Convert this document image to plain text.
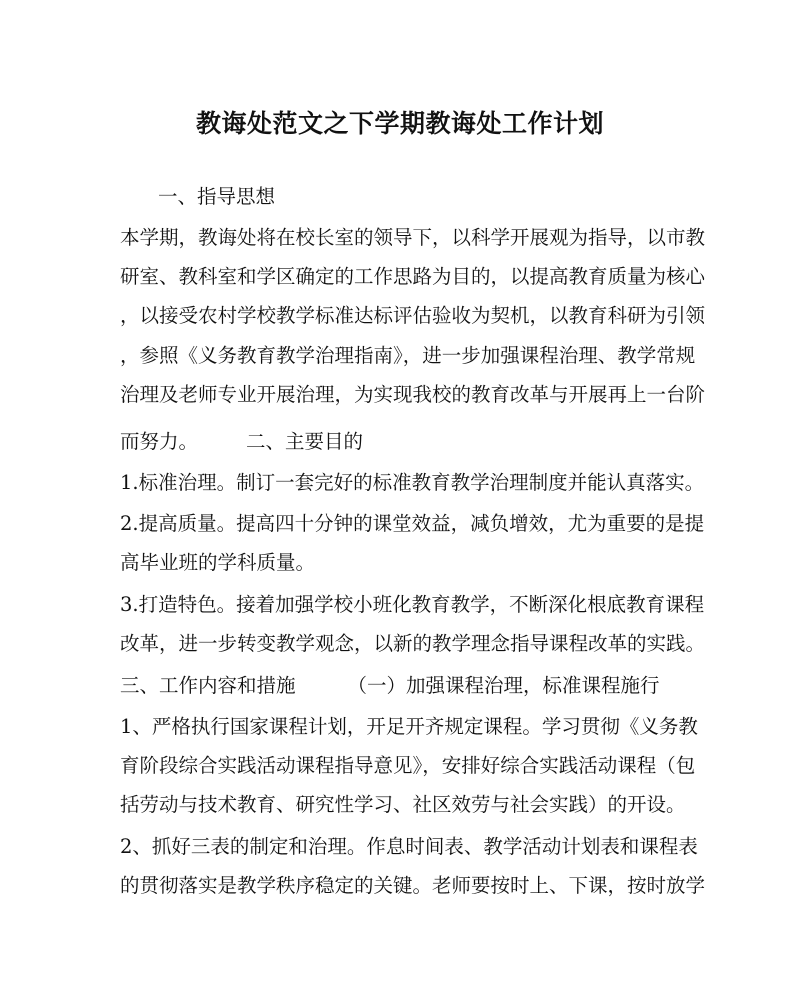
教诲处范文之下学期教诲处工作计划
一、指导思想
本学期，教诲处将在校长室的领导下，以科学开展观为指导，以市教
研室、教科室和学区确定的工作思路为目的，以提高教育质量为核心
，以接受农村学校教学标准达标评估验收为契机，以教育科研为引领
，参照《义务教育教学治理指南》，进一步加强课程治理、教学常规
治理及老师专业开展治理，为实现我校的教育改革与开展再上一台阶
而努力。 二、主要目的
1.标准治理。制订一套完好的标准教育教学治理制度并能认真落实。
2.提高质量。提高四十分钟的课堂效益，减负增效，尤为重要的是提
高毕业班的学科质量。
3.打造特色。接着加强学校小班化教育教学，不断深化根底教育课程
改革，进一步转变教学观念，以新的教学理念指导课程改革的实践。
三、工作内容和措施	（一）加强课程治理，标准课程施行
1、严格执行国家课程计划，开足开齐规定课程。学习贯彻《义务教
育阶段综合实践活动课程指导意见》，安排好综合实践活动课程（包
括劳动与技术教育、研究性学习、社区效劳与社会实践）的开设。
2、抓好三表的制定和治理。作息时间表、教学活动计划表和课程表
的贯彻落实是教学秩序稳定的关键。老师要按时上、下课，按时放学
